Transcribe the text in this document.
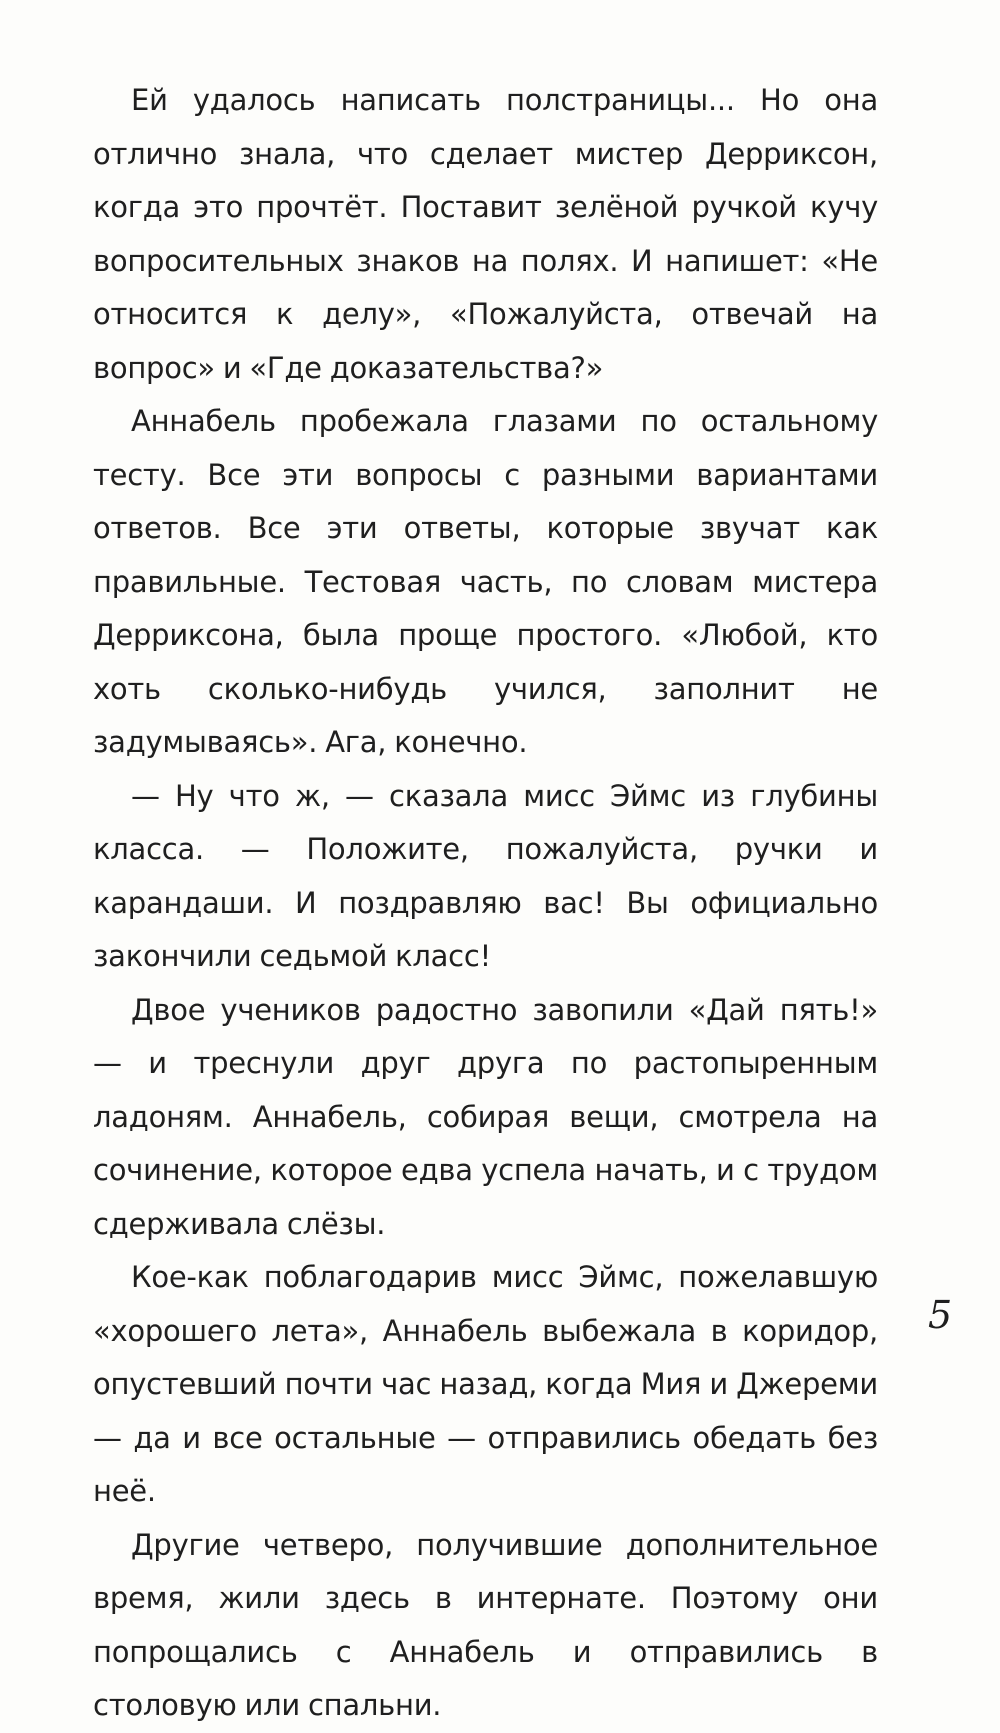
Ей удалось написать полстраницы... Но она отлично знала, что сделает мистер Дерриксон, когда это прочтёт. Поставит зелёной ручкой кучу вопросительных знаков на полях. И напишет: «Не относится к делу», «Пожалуйста, отвечай на вопрос» и «Где доказательства?»

Аннабель пробежала глазами по остальному тесту. Все эти вопросы с разными вариантами ответов. Все эти ответы, которые звучат как правильные. Тестовая часть, по словам мистера Дерриксона, была проще простого. «Любой, кто хоть сколько-нибудь учился, заполнит не задумываясь». Ага, конечно.

— Ну что ж, — сказала мисс Эймс из глубины класса. — Положите, пожалуйста, ручки и карандаши. И поздравляю вас! Вы официально закончили седьмой класс!

Двое учеников радостно завопили «Дай пять!» — и треснули друг друга по растопыренным ладоням. Аннабель, собирая вещи, смотрела на сочинение, которое едва успела начать, и с трудом сдерживала слёзы.

Кое-как поблагодарив мисс Эймс, пожелавшую «хорошего лета», Аннабель выбежала в коридор, опустевший почти час назад, когда Мия и Джереми — да и все остальные — отправились обедать без неё.

Другие четверо, получившие дополнительное время, жили здесь в интернате. Поэтому они попрощались с Аннабель и отправились в столовую или спальни.

5
